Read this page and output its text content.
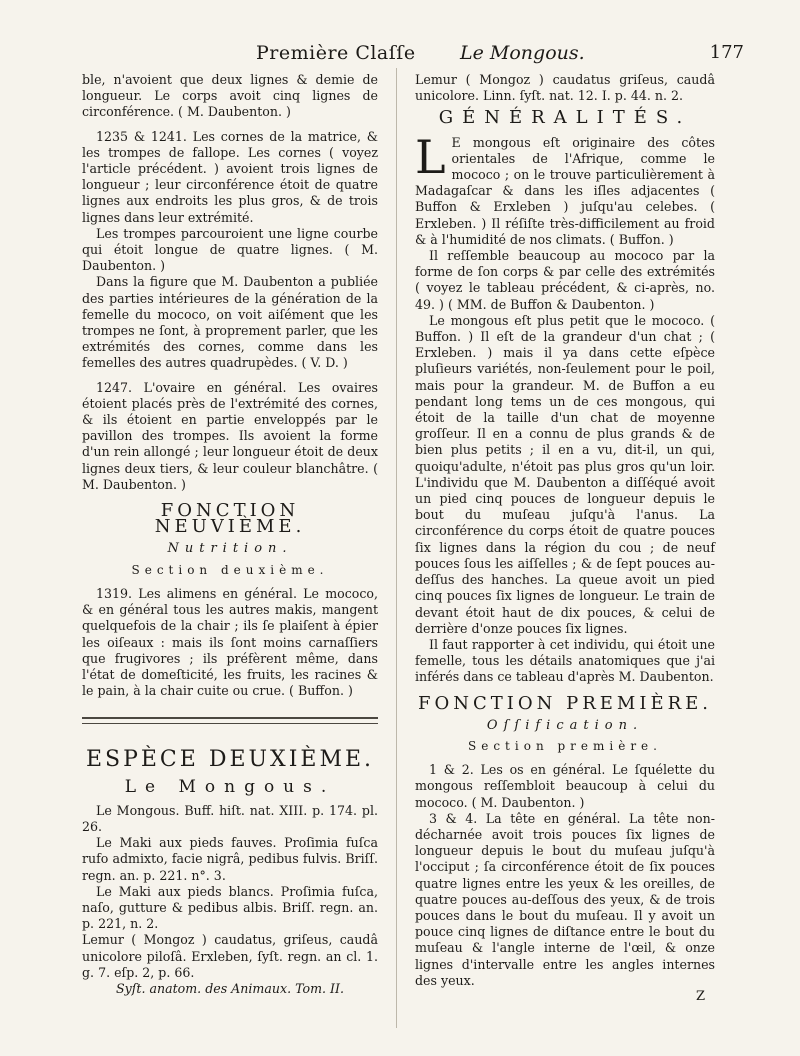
Première Claſſe Le Mongous.	177

ble, n'avoient que deux lignes & demie de longueur. Le corps avoit cinq lignes de circonférence. ( M. Daubenton. )

1235 & 1241. Les cornes de la matrice, & les trompes de fallope. Les cornes ( voyez l'article précédent. ) avoient trois lignes de longueur ; leur circonférence étoit de quatre lignes aux endroits les plus gros, & de trois lignes dans leur extrémité.

Les trompes parcouroient une ligne courbe qui étoit longue de quatre lignes. ( M. Daubenton. )

Dans la figure que M. Daubenton a publiée des parties intérieures de la génération de la femelle du mococo, on voit aiſément que les trompes ne ſont, à proprement parler, que les extrémités des cornes, comme dans les femelles des autres quadrupèdes. ( V. D. )

1247. L'ovaire en général. Les ovaires étoient placés près de l'extrémité des cornes, & ils étoient en partie enveloppés par le pavillon des trompes. Ils avoient la forme d'un rein allongé ; leur longueur étoit de deux lignes deux tiers, & leur couleur blanchâtre. ( M. Daubenton. )

FONCTION NEUVIÈME.
Nutrition.
Section deuxième.

1319. Les alimens en général. Le mococo, & en général tous les autres makis, mangent quelquefois de la chair ; ils ſe plaiſent à épier les oiſeaux : mais ils ſont moins carnaſſiers que frugivores ; ils préfèrent même, dans l'état de domeſticité, les fruits, les racines & le pain, à la chair cuite ou crue. ( Buffon. )

ESPÈCE DEUXIÈME.
Le Mongous.

Le Mongous. Buff. hiſt. nat. XIII. p. 174. pl. 26.

Le Maki aux pieds fauves. Proſimia fuſca rufo admixto, facie nigrâ, pedibus fulvis. Briſſ. regn. an. p. 221. n°. 3.

Le Maki aux pieds blancs. Proſimia fuſca, naſo, gutture & pedibus albis. Briſſ. regn. an. p. 221, n. 2.

Lemur ( Mongoz ) caudatus, griſeus, caudâ unicolore piloſâ. Erxleben, ſyſt. regn. an cl. 1. g. 7. eſp. 2, p. 66.

Syſt. anatom. des Animaux. Tom. II.

Lemur ( Mongoz ) caudatus griſeus, caudâ unicolore. Linn. ſyſt. nat. 12. I. p. 44. n. 2.

GÉNÉRALITÉS.

L E mongous eſt originaire des côtes orientales de l'Afrique, comme le mococo ; on le trouve particulièrement à Madagaſcar & dans les iſles adjacentes ( Buffon & Erxleben ) juſqu'au celebes. ( Erxleben. ) Il réſiſte très-difficilement au froid & à l'humidité de nos climats. ( Buffon. )

Il reſſemble beaucoup au mococo par la forme de ſon corps & par celle des extrémités ( voyez le tableau précédent, & ci-après, no. 49. ) ( MM. de Buffon & Daubenton. )

Le mongous eſt plus petit que le mococo. ( Buffon. ) Il eſt de la grandeur d'un chat ; ( Erxleben. ) mais il ya dans cette eſpèce pluſieurs variétés, non-ſeulement pour le poil, mais pour la grandeur. M. de Buffon a eu pendant long tems un de ces mongous, qui étoit de la taille d'un chat de moyenne groſſeur. Il en a connu de plus grands & de bien plus petits ; il en a vu, dit-il, un qui, quoiqu'adulte, n'étoit pas plus gros qu'un loir. L'individu que M. Daubenton a diſſéqué avoit un pied cinq pouces de longueur depuis le bout du muſeau juſqu'à l'anus. La circonférence du corps étoit de quatre pouces ſix lignes dans la région du cou ; de neuf pouces ſous les aiſſelles ; & de ſept pouces au-deſſus des hanches. La queue avoit un pied cinq pouces ſix lignes de longueur. Le train de devant étoit haut de dix pouces, & celui de derrière d'onze pouces ſix lignes.

Il faut rapporter à cet individu, qui étoit une femelle, tous les détails anatomiques que j'ai inférés dans ce tableau d'après M. Daubenton.

FONCTION PREMIÈRE.
Oſſification.
Section première.

1 & 2. Les os en général. Le ſquélette du mongous reſſembloit beaucoup à celui du mococo. ( M. Daubenton. )

3 & 4. La tête en général. La tête non-décharnée avoit trois pouces ſix lignes de longueur depuis le bout du muſeau juſqu'à l'occiput ; ſa circonférence étoit de ſix pouces quatre lignes entre les yeux & les oreilles, de quatre pouces au-deſſous des yeux, & de trois pouces dans le bout du muſeau. Il y avoit un pouce cinq lignes de diſtance entre le bout du muſeau & l'angle interne de l'œil, & onze lignes d'intervalle entre les angles internes des yeux.

Z
